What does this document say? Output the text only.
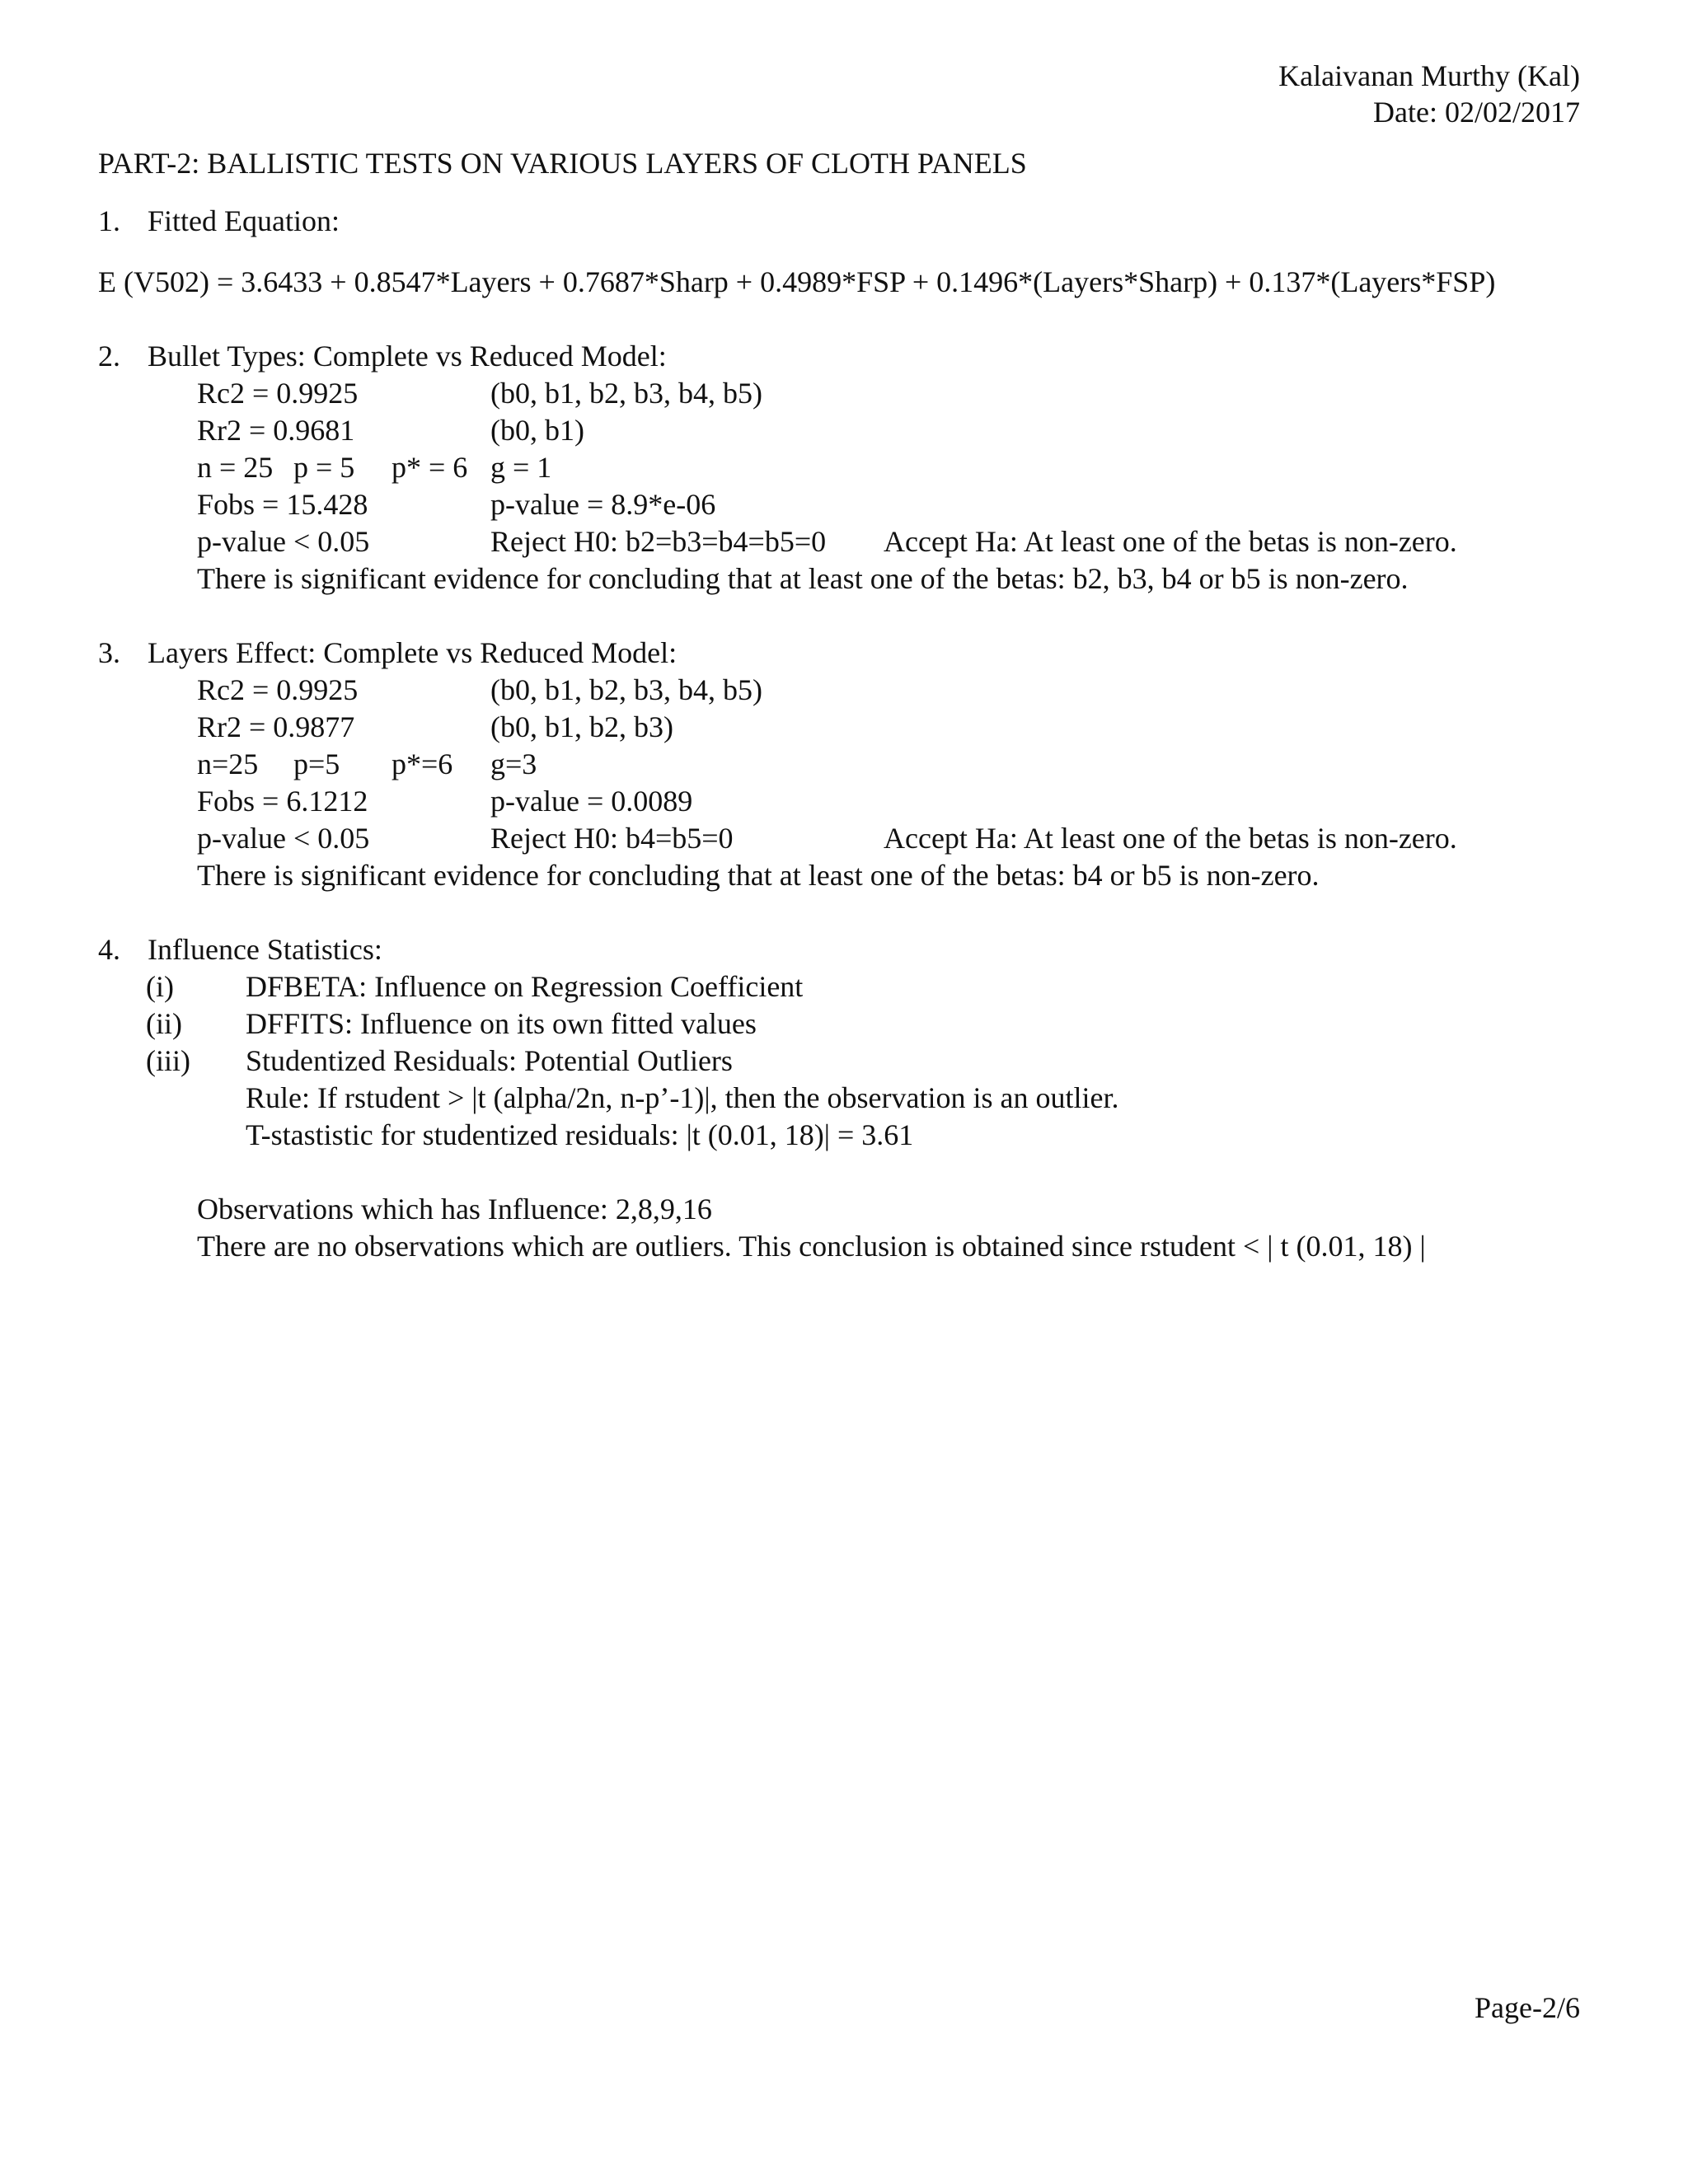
Kalaivanan Murthy (Kal)
Date: 02/02/2017
PART-2: BALLISTIC TESTS ON VARIOUS LAYERS OF CLOTH PANELS
1. Fitted Equation:
E (V502) = 3.6433 + 0.8547*Layers + 0.7687*Sharp + 0.4989*FSP + 0.1496*(Layers*Sharp) + 0.137*(Layers*FSP)
2. Bullet Types: Complete vs Reduced Model:
Rc2 = 0.9925	(b0, b1, b2, b3, b4, b5)
Rr2 = 0.9681	(b0, b1)
n = 25 p = 5 p* = 6 g = 1
Fobs = 15.428	p-value = 8.9*e-06
p-value < 0.05	Reject H0: b2=b3=b4=b5=0 Accept Ha: At least one of the betas is non-zero.
There is significant evidence for concluding that at least one of the betas: b2, b3, b4 or b5 is non-zero.
3. Layers Effect: Complete vs Reduced Model:
Rc2 = 0.9925	(b0, b1, b2, b3, b4, b5)
Rr2 = 0.9877	(b0, b1, b2, b3)
n=25 p=5 p*=6 g=3
Fobs = 6.1212	p-value = 0.0089
p-value < 0.05	Reject H0: b4=b5=0	Accept Ha: At least one of the betas is non-zero.
There is significant evidence for concluding that at least one of the betas: b4 or b5 is non-zero.
4. Influence Statistics:
(i) DFBETA: Influence on Regression Coefficient
(ii) DFFITS: Influence on its own fitted values
(iii) Studentized Residuals: Potential Outliers
Rule: If rstudent > |t (alpha/2n, n-p’-1)|, then the observation is an outlier.
T-stastistic for studentized residuals: |t (0.01, 18)| = 3.61
Observations which has Influence: 2,8,9,16
There are no observations which are outliers. This conclusion is obtained since rstudent < | t (0.01, 18) |
Page-2/6
